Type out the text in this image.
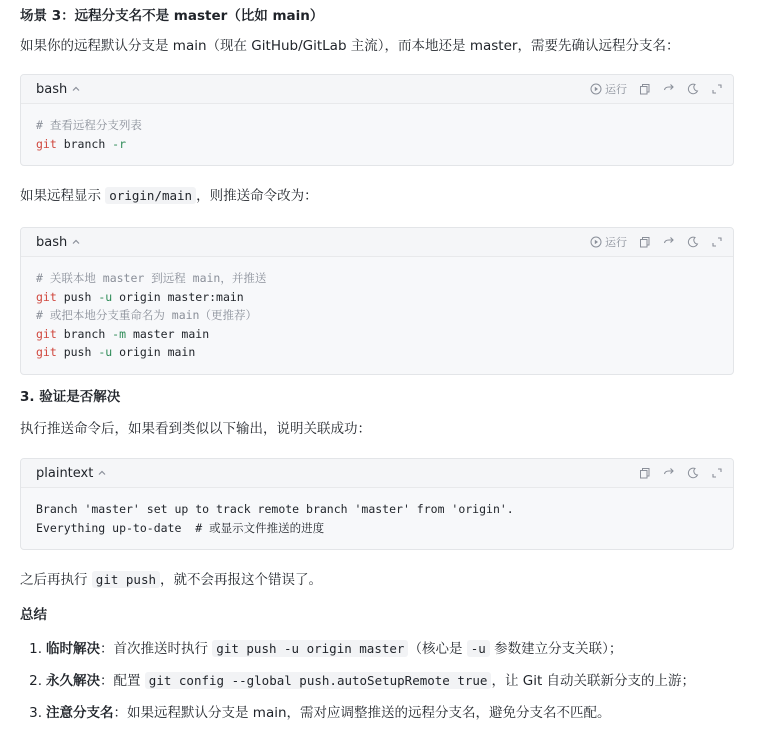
场景 3：远程分支名不是 master（比如 main）
如果你的远程默认分支是 main（现在 GitHub/GitLab 主流），而本地还是 master，需要先确认远程分支名：
bash	运行
# 查看远程分支列表
git branch -r
如果远程显示 origin/main ，则推送命令改为：
bash	运行
# 关联本地 master 到远程 main，并推送
git push -u origin master:main
# 或把本地分支重命名为 main（更推荐）
git branch -m master main
git push -u origin main
3. 验证是否解决
执行推送命令后，如果看到类似以下输出，说明关联成功：
plaintext
Branch 'master' set up to track remote branch 'master' from 'origin'.
Everything up-to-date  # 或显示文件推送的进度
之后再执行 git push ，就不会再报这个错误了。
总结
1. 临时解决：首次推送时执行 git push -u origin master （核心是 -u 参数建立分支关联）；
2. 永久解决：配置 git config --global push.autoSetupRemote true ，让 Git 自动关联新分支的上游；
3. 注意分支名：如果远程默认分支是 main，需对应调整推送的远程分支名，避免分支名不匹配。
